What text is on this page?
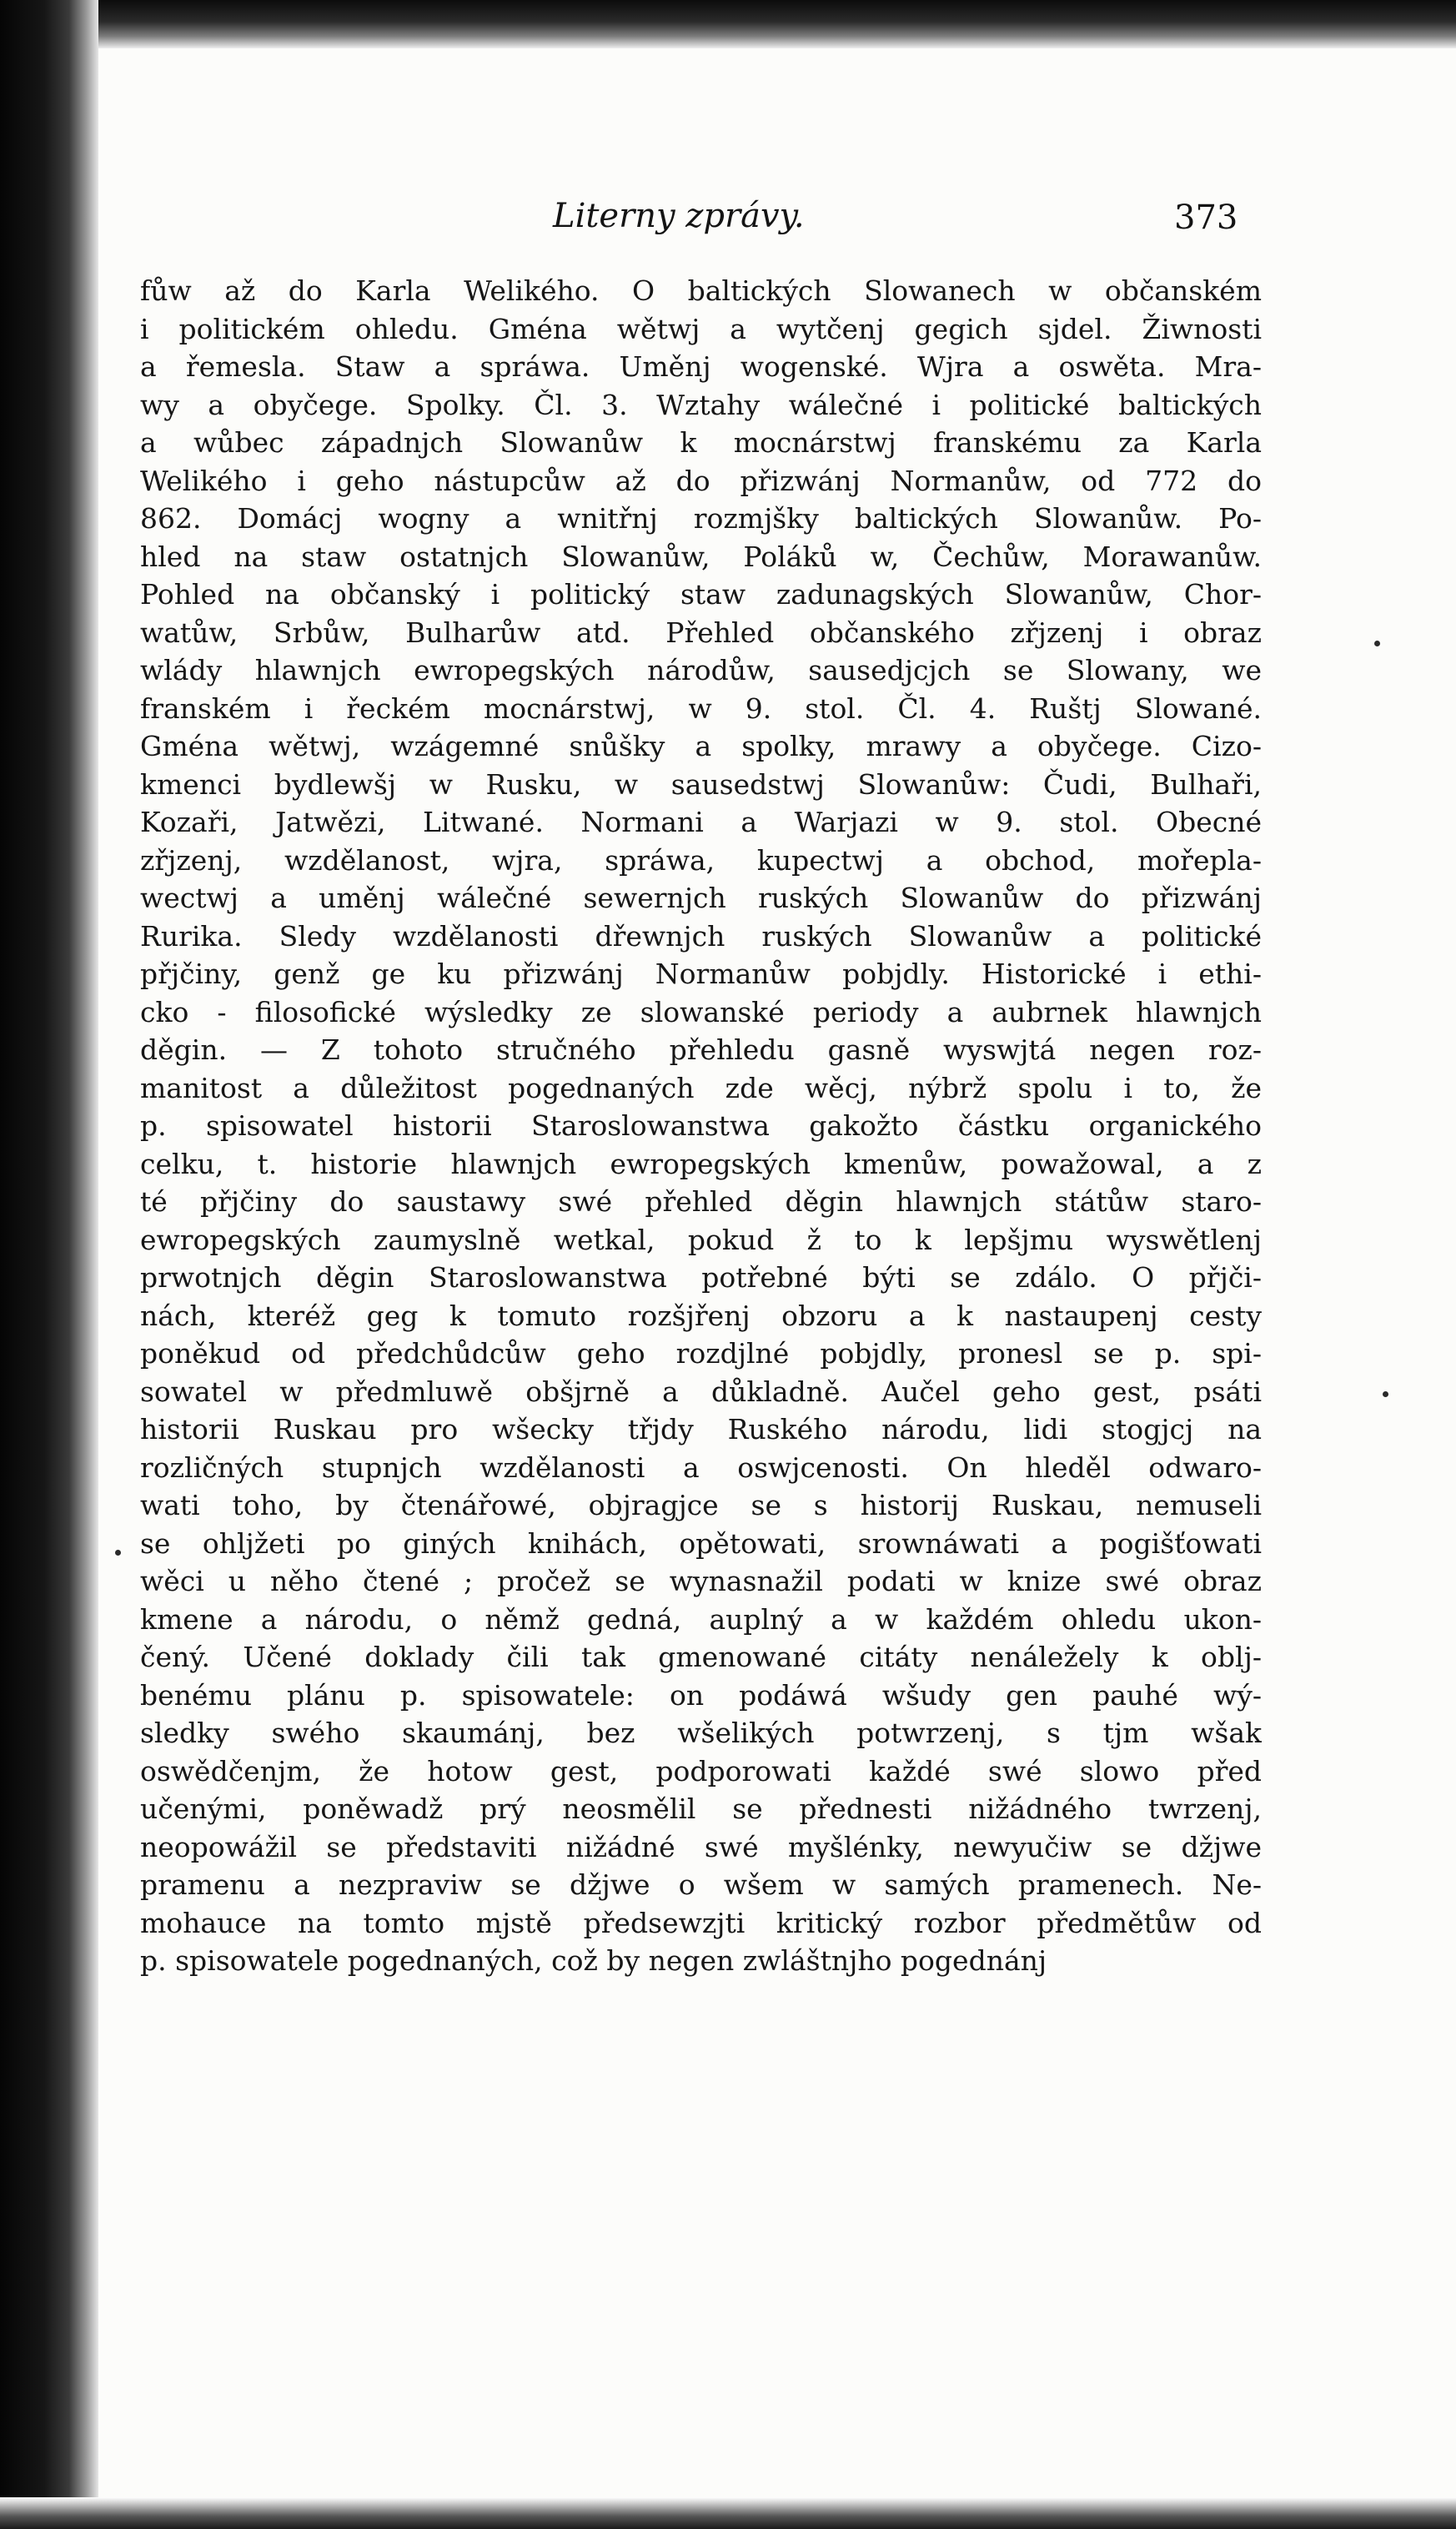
Literny zprávy.	373
fůw až do Karla Welikého. O baltických Slowanech w občanském
i politickém ohledu. Gména wětwj a wytčenj gegich sjdel. Žiwnosti
a řemesla. Staw a spráwa. Uměnj wogenské. Wjra a oswěta. Mra-
wy a obyčege. Spolky. Čl. 3. Wztahy wálečné i politické baltických
a wůbec západnjch Slowanůw k mocnárstwj franskému za Karla
Welikého i geho nástupcůw až do přizwánj Normanůw, od 772 do
862. Domácj wogny a wnitřnj rozmjšky baltických Slowanůw. Po-
hled na staw ostatnjch Slowanůw, Poláků w, Čechůw, Morawanůw.
Pohled na občanský i politický staw zadunagských Slowanůw, Chor-
watůw, Srbůw, Bulharůw atd. Přehled občanského zřjzenj i obraz
wlády hlawnjch ewropegských národůw, sausedjcjch se Slowany, we
franském i řeckém mocnárstwj, w 9. stol. Čl. 4. Ruštj Slowané.
Gména wětwj, wzágemné snůšky a spolky, mrawy a obyčege. Cizo-
kmenci bydlewšj w Rusku, w sausedstwj Slowanůw: Čudi, Bulhaři,
Kozaři, Jatwězi, Litwané. Normani a Warjazi w 9. stol. Obecné
zřjzenj, wzdělanost, wjra, spráwa, kupectwj a obchod, mořepla-
wectwj a uměnj wálečné sewernjch ruských Slowanůw do přizwánj
Rurika. Sledy wzdělanosti dřewnjch ruských Slowanůw a politické
přjčiny, genž ge ku přizwánj Normanůw pobjdly. Historické i ethi-
cko - filosofické wýsledky ze slowanské periody a aubrnek hlawnjch
děgin. — Z tohoto stručného přehledu gasně wyswjtá negen roz-
manitost a důležitost pogednaných zde wěcj, nýbrž spolu i to, že
p. spisowatel historii Staroslowanstwa gakožto částku organického
celku, t. historie hlawnjch ewropegských kmenůw, powažowal, a z
té přjčiny do saustawy swé přehled děgin hlawnjch státůw staro-
ewropegských zaumyslně wetkal, pokud ž to k lepšjmu wyswětlenj
prwotnjch děgin Staroslowanstwa potřebné býti se zdálo. O přjči-
nách, kteréž geg k tomuto rozšjřenj obzoru a k nastaupenj cesty
poněkud od předchůdcůw geho rozdjlné pobjdly, pronesl se p. spi-
sowatel w předmluwě obšjrně a důkladně. Aučel geho gest, psáti
historii Ruskau pro wšecky třjdy Ruského národu, lidi stogjcj na
rozličných stupnjch wzdělanosti a oswjcenosti. On hleděl odwaro-
wati toho, by čtenářowé, objragjce se s historij Ruskau, nemuseli
se ohljžeti po giných knihách, opětowati, srownáwati a pogišťowati
wěci u něho čtené ; pročež se wynasnažil podati w knize swé obraz
kmene a národu, o němž gedná, auplný a w každém ohledu ukon-
čený. Učené doklady čili tak gmenowané citáty nenáležely k oblj-
benému plánu p. spisowatele: on podáwá wšudy gen pauhé wý-
sledky swého skaumánj, bez wšelikých potwrzenj, s tjm wšak
oswědčenjm, že hotow gest, podporowati každé swé slowo před
učenými, poněwadž prý neosmělil se přednesti nižádného twrzenj,
neopowážil se představiti nižádné swé myšlénky, newyučiw se džjwe
pramenu a nezpraviw se džjwe o wšem w samých pramenech. Ne-
mohauce na tomto mjstě předsewzjti kritický rozbor předmětůw od
p. spisowatele pogednaných, což by negen zwláštnjho pogednánj
